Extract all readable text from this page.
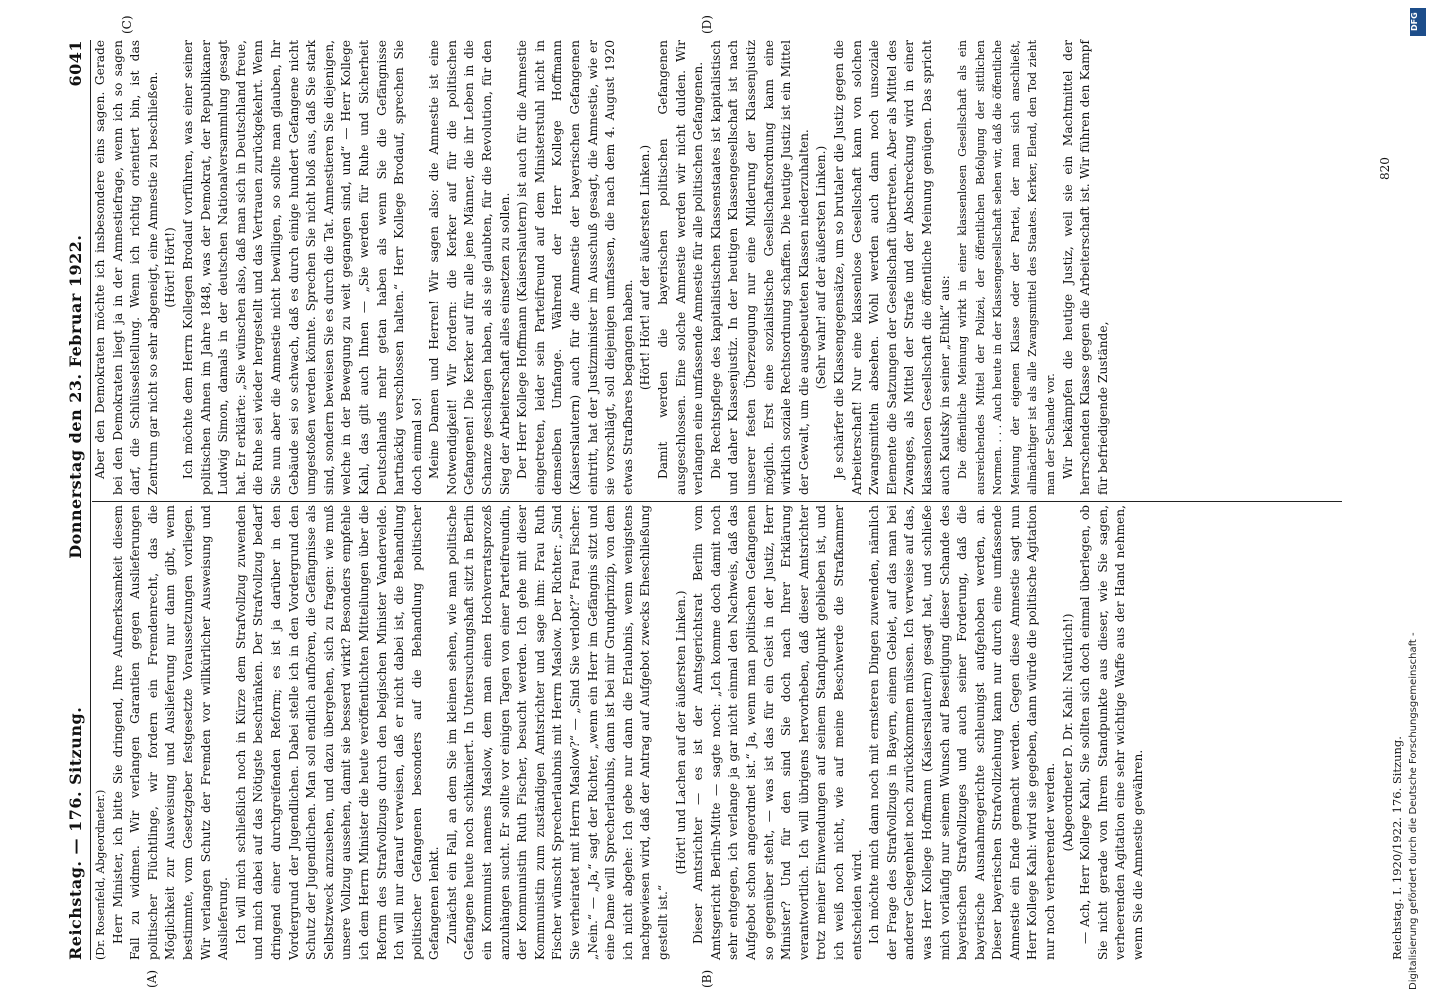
Reichstag. — 176. Sitzung.
Donnerstag den 23. Februar 1922.
6041
(A)	(B)
(C)	(D)

(Dr. Rosenfeld, Abgeordneter.) Herr Minister, ich bitte Sie dringend, Ihre Aufmerksamkeit diesem Fall zu widmen. Wir verlangen Garantien gegen Auslieferungen politischer Flüchtlinge, wir fordern ein Fremdenrecht, das die Möglichkeit zur Ausweisung und Auslieferung nur dann gibt, wenn bestimmte, vom Gesetzgeber festgesetzte Voraussetzungen vorliegen. Wir verlangen Schutz der Fremden vor willkürlicher Ausweisung und Auslieferung. Ich will mich schließlich noch in Kürze dem Strafvollzug zuwenden und mich dabei auf das Nötigste beschränken. Der Strafvollzug bedarf dringend einer durchgreifenden Reform; es ist ja darüber in den Vordergrund der Jugendlichen. Dabei stelle ich in den Vordergrund den Schutz der Jugendlichen. Man soll endlich aufhören, die Gefängnisse als Selbstzweck anzusehen, und dazu übergehen, sich zu fragen: wie muß unsere Vollzug aussehen, damit sie besserd wirkt? Besonders empfehle ich dem Herrn Minister die heute veröffentlichten Mitteilungen über die Reform des Strafvollzugs durch den belgischen Minister Vandervelde. Ich will nur darauf verweisen, daß er nicht dabei ist, die Behandlung politischer Gefangenen besonders auf die Behandlung politischer Gefangenen lenkt. Zunächst ein Fall, an dem Sie im kleinen sehen, wie man politische Gefangene heute noch schikaniert. In Untersuchungshaft sitzt in Berlin ein Kommunist namens Maslow, dem man einen Hochverratsprozeß anzuhängen sucht. Er sollte vor einigen Tagen von einer Parteifreundin, der Kommunistin Ruth Fischer, besucht werden. Ich gehe mit dieser Kommunistin zum zuständigen Amtsrichter und sage ihm: Frau Ruth Fischer wünscht Sprecherlaubnis mit Herrn Maslow. Der Richter: „Sind Sie verheiratet mit Herrn Maslow?“ — „Sind Sie verlobt?“ Frau Fischer: „Nein.“ — „Ja,“ sagt der Richter, „wenn ein Herr im Gefängnis sitzt und eine Dame will Sprecherlaubnis, dann ist bei mir Grundprinzip, von dem ich nicht abgehe: Ich gebe nur dann die Erlaubnis, wenn wenigstens nachgewiesen wird, daß der Antrag auf Aufgebot zwecks Eheschließung gestellt ist.“

(Hört! und Lachen auf der äußersten Linken.) Dieser Amtsrichter — es ist der Amtsgerichtsrat Berlin vom Amtsgericht Berlin-Mitte — sagte noch: „Ich komme doch damit noch sehr entgegen, ich verlange ja gar nicht einmal den Nachweis, daß das Aufgebot schon angeordnet ist.“ Ja, wenn man politischen Gefangenen so gegenüber steht, — was ist das für ein Geist in der Justiz, Herr Minister? Und für den sind Sie doch nach Ihrer Erklärung verantwortlich. Ich will übrigens hervorheben, daß dieser Amtsrichter trotz meiner Einwendungen auf seinem Standpunkt geblieben ist, und ich weiß noch nicht, wie auf meine Beschwerde die Strafkammer entscheiden wird. Ich möchte mich dann noch mit ernsteren Dingen zuwenden, nämlich der Frage des Strafvollzugs in Bayern, einem Gebiet, auf das man bei anderer Gelegenheit noch zurückkommen müssen. Ich verweise auf das, was Herr Kollege Hoffmann (Kaiserslautern) gesagt hat, und schließe mich vorläufig nur seinem Wunsch auf Beseitigung dieser Schande des bayerischen Strafvollzuges und auch seiner Forderung, daß die bayerische Ausnahmegerichte schleunigst aufgehoben werden, an. Dieser bayerischen Strafvollziehung kann nur durch eine umfassende Amnestie ein Ende gemacht werden. Gegen diese Amnestie sagt nun Herr Kollege Kahl: wird sie gegeben, dann würde die politische Agitation nur noch verheerender werden.

(Abgeordneter D. Dr. Kahl: Natürlich!) — Ach, Herr Kollege Kahl, Sie sollten sich doch einmal überlegen, ob Sie nicht gerade von Ihrem Standpunkte aus dieser, wie Sie sagen, verheerenden Agitation eine sehr wichtige Waffe aus der Hand nehmen, wenn Sie die Amnestie gewähren.

Aber den Demokraten möchte ich insbesondere eins sagen. Gerade bei den Demokraten liegt ja in der Amnestiefrage, wenn ich so sagen darf, die Schlüsselstellung. Wenn ich richtig orientiert bin, ist das Zentrum gar nicht so sehr abgeneigt, eine Amnestie zu beschließen. (Hört! Hört!) Ich möchte dem Herrn Kollegen Brodauf vorführen, was einer seiner politischen Ahnen im Jahre 1848, was der Demokrat, der Republikaner Ludwig Simon, damals in der deutschen Nationalversammlung gesagt hat. Er erklärte: „Sie wünschen also, daß man sich in Deutschland freue, die Ruhe sei wieder hergestellt und das Vertrauen zurückgekehrt. Wenn Sie nun aber die Amnestie nicht bewilligen, so sollte man glauben, Ihr Gebäude sei so schwach, daß es durch einige hundert Gefangene nicht umgestoßen werden könnte. Sprechen Sie nicht bloß aus, daß Sie stark sind, sondern beweisen Sie es durch die Tat. Amnestieren Sie diejenigen, welche in der Bewegung zu weit gegangen sind, und“ — Herr Kollege Kahl, das gilt auch Ihnen — „Sie werden für Ruhe und Sicherheit Deutschlands mehr getan haben als wenn Sie die Gefängnisse hartnäckig verschlossen halten.“ Herr Kollege Brodauf, sprechen Sie doch einmal so! Meine Damen und Herren! Wir sagen also: die Amnestie ist eine Notwendigkeit! Wir fordern: die Kerker auf für die politischen Gefangenen! Die Kerker auf für alle jene Männer, die ihr Leben in die Schanze geschlagen haben, als sie glaubten, für die Revolution, für den Sieg der Arbeiterschaft alles einsetzen zu sollen. Der Herr Kollege Hoffmann (Kaiserslautern) ist auch für die Amnestie eingetreten, leider sein Parteifreund auf dem Ministerstuhl nicht in demselben Umfange. Während der Herr Kollege Hoffmann (Kaiserslautern) auch für die Amnestie der bayerischen Gefangenen eintritt, hat der Justizminister im Ausschuß gesagt, die Amnestie, wie er sie vorschlägt, soll diejenigen umfassen, die nach dem 4. August 1920 etwas Strafbares begangen haben. (Hört! Hört! auf der äußersten Linken.) Damit werden die bayerischen politischen Gefangenen ausgeschlossen. Eine solche Amnestie werden wir nicht dulden. Wir verlangen eine umfassende Amnestie für alle politischen Gefangenen. Die Rechtspflege des kapitalistischen Klassenstaates ist kapitalistisch und daher Klassenjustiz. In der heutigen Klassengesellschaft ist nach unserer festen Überzeugung nur eine Milderung der Klassenjustiz möglich. Erst eine sozialistische Gesellschaftsordnung kann eine wirklich soziale Rechtsordnung schaffen. Die heutige Justiz ist ein Mittel der Gewalt, um die ausgebeuteten Klassen niederzuhalten. (Sehr wahr! auf der äußersten Linken.) Je schärfer die Klassengegensätze, um so brutaler die Justiz gegen die Arbeiterschaft! Nur eine klassenlose Gesellschaft kann von solchen Zwangsmitteln absehen. Wohl werden auch dann noch unsoziale Elemente die Satzungen der Gesellschaft übertreten. Aber als Mittel des Zwanges, als Mittel der Strafe und der Abschreckung wird in einer klassenlosen Gesellschaft die öffentliche Meinung genügen. Das spricht auch Kautsky in seiner „Ethik“ aus: Die öffentliche Meinung wirkt in einer klassenlosen Gesellschaft als ein ausreichendes Mittel der Polizei, der öffentlichen Befolgung der sittlichen Normen. . . . Auch heute in der Klassengesellschaft sehen wir, daß die öffentliche Meinung der eigenen Klasse oder der Partei, der man sich anschließt, allmächtiger ist als alle Zwangsmittel des Staates. Kerker, Elend, den Tod zieht man der Schande vor. Wir bekämpfen die heutige Justiz, weil sie ein Machtmittel der herrschenden Klasse gegen die Arbeiterschaft ist. Wir führen den Kampf für befriedigende Zustände,

Reichstag. I. 1920/1922. 176. Sitzung.
820
DFG
Digitalisierung gefördert durch die Deutsche Forschungsgemeinschaft -
